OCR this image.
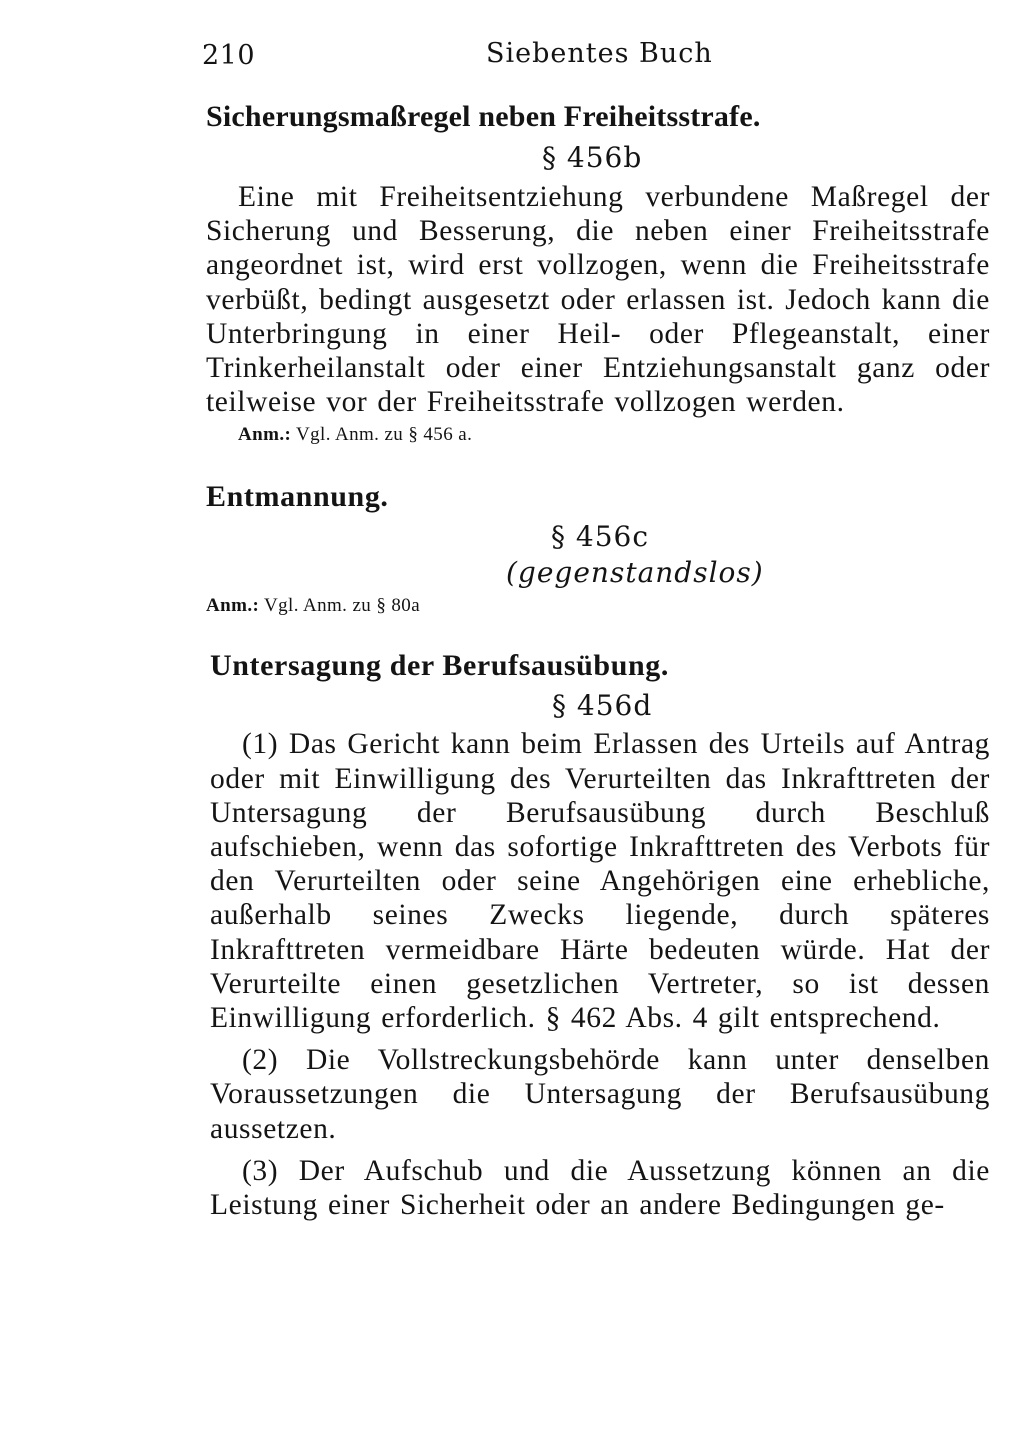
210	Siebentes Buch
Sicherungsmaßregel neben Freiheitsstrafe.

§ 456b

Eine mit Freiheitsentziehung verbundene Maßregel der Sicherung und Besserung, die neben einer Freiheitsstrafe angeordnet ist, wird erst vollzogen, wenn die Freiheitsstrafe verbüßt, bedingt ausgesetzt oder erlassen ist. Jedoch kann die Unterbringung in einer Heil- oder Pflegeanstalt, einer Trinkerheilanstalt oder einer Entziehungsanstalt ganz oder teilweise vor der Freiheitsstrafe vollzogen werden.

Anm.: Vgl. Anm. zu § 456 a.

Entmannung.

§ 456c

(gegenstandslos)

Anm.: Vgl. Anm. zu § 80a

Untersagung der Berufsausübung.

§ 456d

(1) Das Gericht kann beim Erlassen des Urteils auf Antrag oder mit Einwilligung des Verurteilten das Inkrafttreten der Untersagung der Berufsausübung durch Beschluß aufschieben, wenn das sofortige Inkrafttreten des Verbots für den Verurteilten oder seine Angehörigen eine erhebliche, außerhalb seines Zwecks liegende, durch späteres Inkrafttreten vermeidbare Härte bedeuten würde. Hat der Verurteilte einen gesetzlichen Vertreter, so ist dessen Einwilligung erforderlich. § 462 Abs. 4 gilt entsprechend.

(2) Die Vollstreckungsbehörde kann unter denselben Voraussetzungen die Untersagung der Berufsausübung aussetzen.

(3) Der Aufschub und die Aussetzung können an die Leistung einer Sicherheit oder an andere Bedingungen ge-
